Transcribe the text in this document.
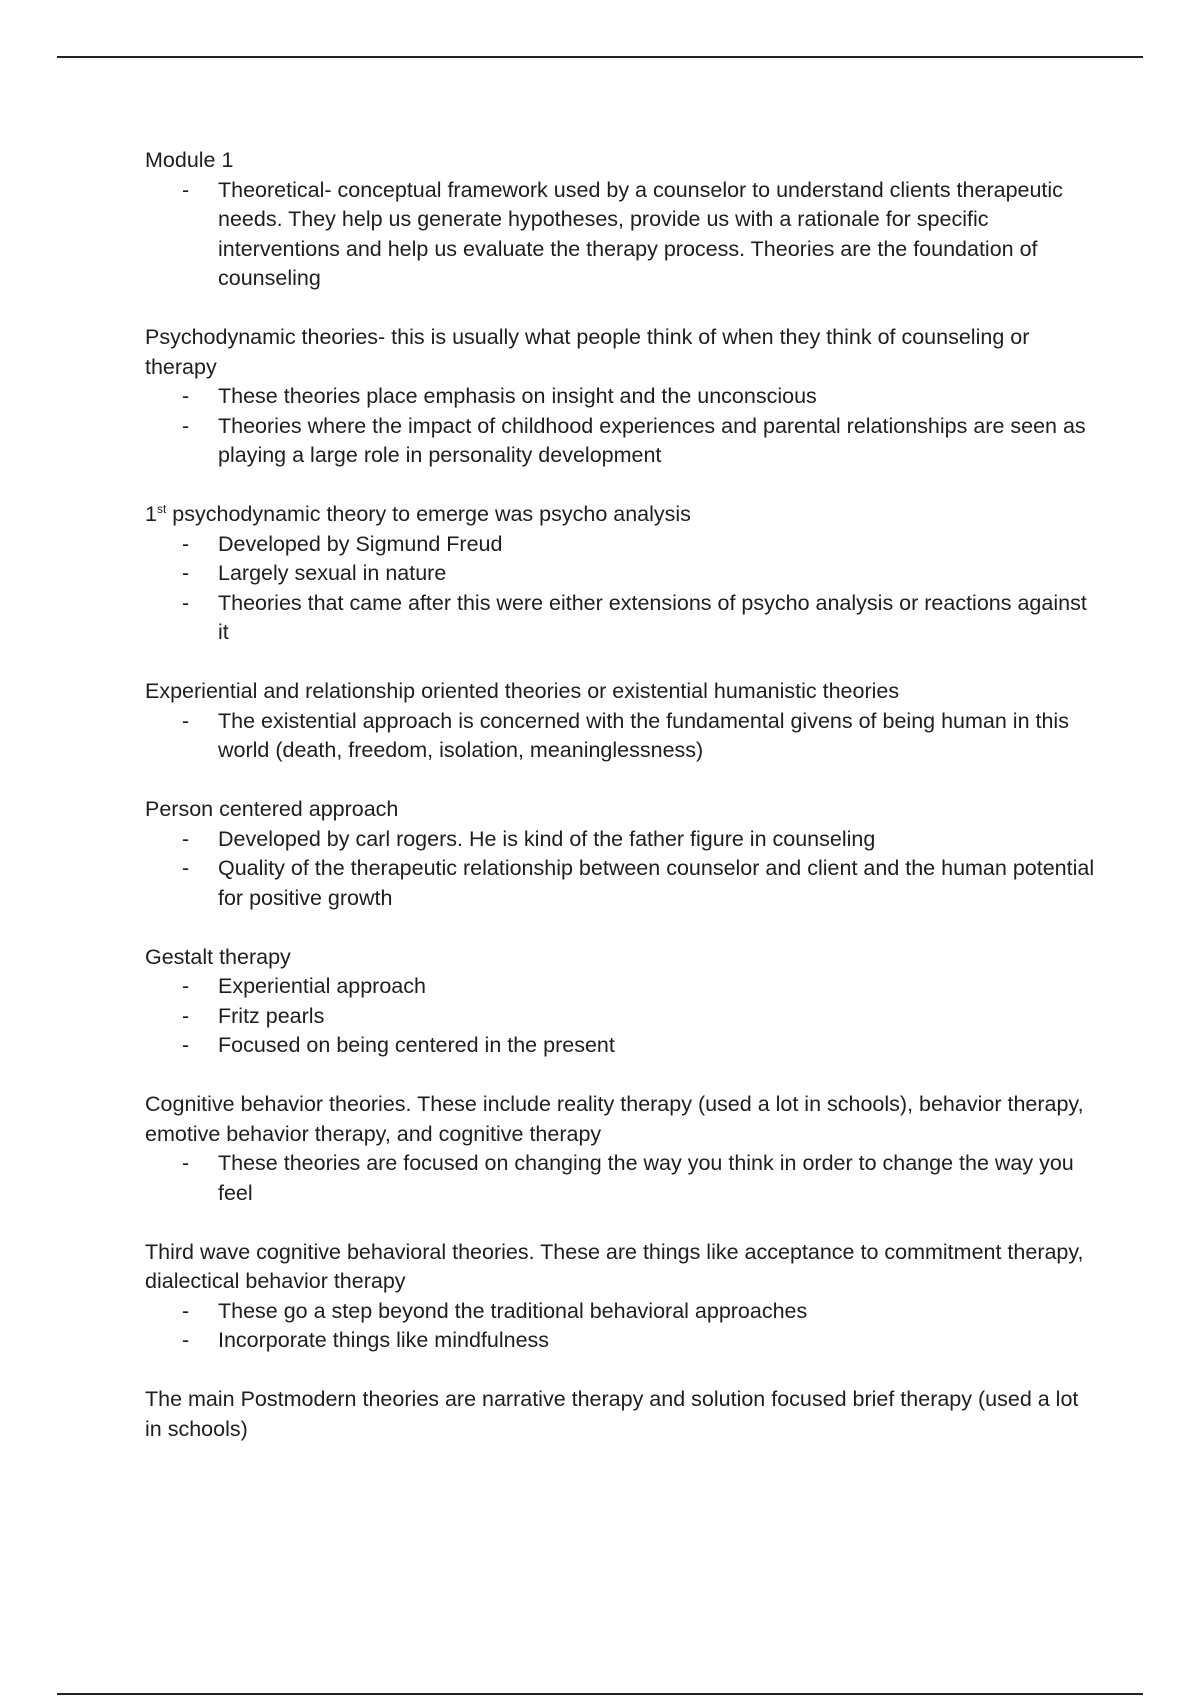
Module 1

- Theoretical- conceptual framework used by a counselor to understand clients therapeutic needs. They help us generate hypotheses, provide us with a rationale for specific interventions and help us evaluate the therapy process. Theories are the foundation of counseling

Psychodynamic theories- this is usually what people think of when they think of counseling or therapy

- These theories place emphasis on insight and the unconscious
- Theories where the impact of childhood experiences and parental relationships are seen as playing a large role in personality development

1st psychodynamic theory to emerge was psycho analysis

- Developed by Sigmund Freud
- Largely sexual in nature
- Theories that came after this were either extensions of psycho analysis or reactions against it

Experiential and relationship oriented theories or existential humanistic theories

- The existential approach is concerned with the fundamental givens of being human in this world (death, freedom, isolation, meaninglessness)

Person centered approach

- Developed by carl rogers. He is kind of the father figure in counseling
- Quality of the therapeutic relationship between counselor and client and the human potential for positive growth

Gestalt therapy

- Experiential approach
- Fritz pearls
- Focused on being centered in the present

Cognitive behavior theories. These include reality therapy (used a lot in schools), behavior therapy, emotive behavior therapy, and cognitive therapy

- These theories are focused on changing the way you think in order to change the way you feel

Third wave cognitive behavioral theories. These are things like acceptance to commitment therapy, dialectical behavior therapy

- These go a step beyond the traditional behavioral approaches
- Incorporate things like mindfulness

The main Postmodern theories are narrative therapy and solution focused brief therapy (used a lot in schools)
